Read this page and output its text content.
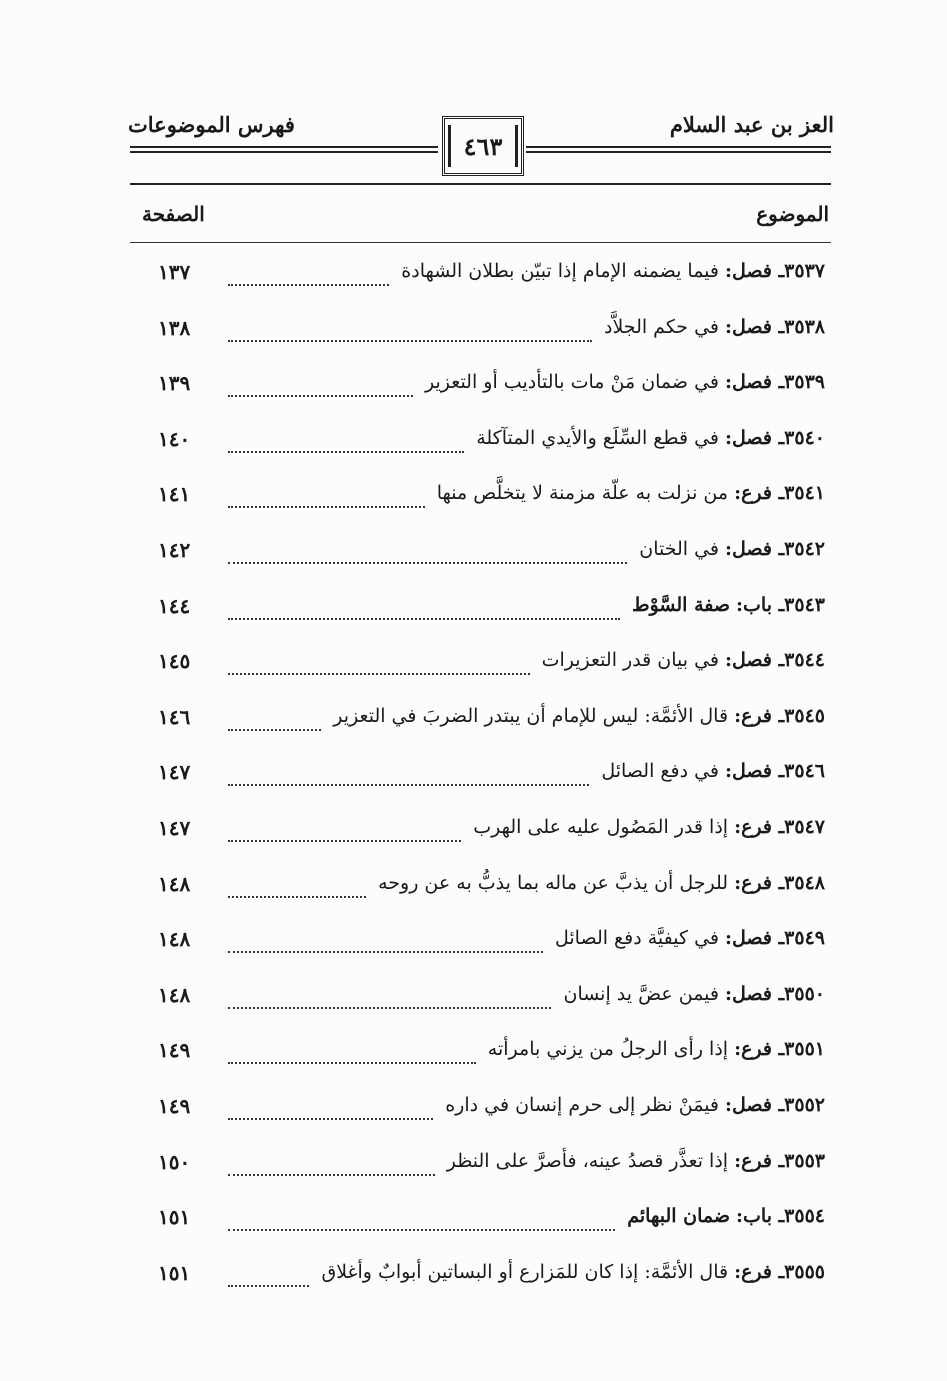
العز بن عبد السلام
فهرس الموضوعات
٤٦٣
الموضوع
الصفحة
٣٥٣٧
ـ فصل:
فيما يضمنه الإمام إذا تبيّن بطلان الشهادة
١٣٧
٣٥٣٨
ـ فصل:
في حكم الجلاَّد
١٣٨
٣٥٣٩
ـ فصل:
في ضمان مَنْ مات بالتأديب أو التعزير
١٣٩
٣٥٤٠
ـ فصل:
في قطع السِّلَع والأيدي المتآكلة
١٤٠
٣٥٤١
ـ فرع:
من نزلت به علّة مزمنة لا يتخلَّص منها
١٤١
٣٥٤٢
ـ فصل:
في الختان
١٤٢
٣٥٤٣
ـ باب:
صفة السَّوْط
١٤٤
٣٥٤٤
ـ فصل:
في بيان قدر التعزيرات
١٤٥
٣٥٤٥
ـ فرع:
قال الأئمَّة: ليس للإمام أن يبتدر الضربَ في التعزير
١٤٦
٣٥٤٦
ـ فصل:
في دفع الصائل
١٤٧
٣٥٤٧
ـ فرع:
إذا قدر المَصُول عليه على الهرب
١٤٧
٣٥٤٨
ـ فرع:
للرجل أن يذبَّ عن ماله بما يذبُّ به عن روحه
١٤٨
٣٥٤٩
ـ فصل:
في كيفيَّة دفع الصائل
١٤٨
٣٥٥٠
ـ فصل:
فيمن عضَّ يد إنسان
١٤٨
٣٥٥١
ـ فرع:
إذا رأى الرجلُ من يزني بامرأته
١٤٩
٣٥٥٢
ـ فصل:
فيمَنْ نظر إلى حرم إنسان في داره
١٤٩
٣٥٥٣
ـ فرع:
إذا تعذَّر قصدُ عينه، فأصرَّ على النظر
١٥٠
٣٥٥٤
ـ باب:
ضمان البهائم
١٥١
٣٥٥٥
ـ فرع:
قال الأئمَّة: إذا كان للمَزارع أو البساتين أبوابٌ وأغلاق
١٥١
